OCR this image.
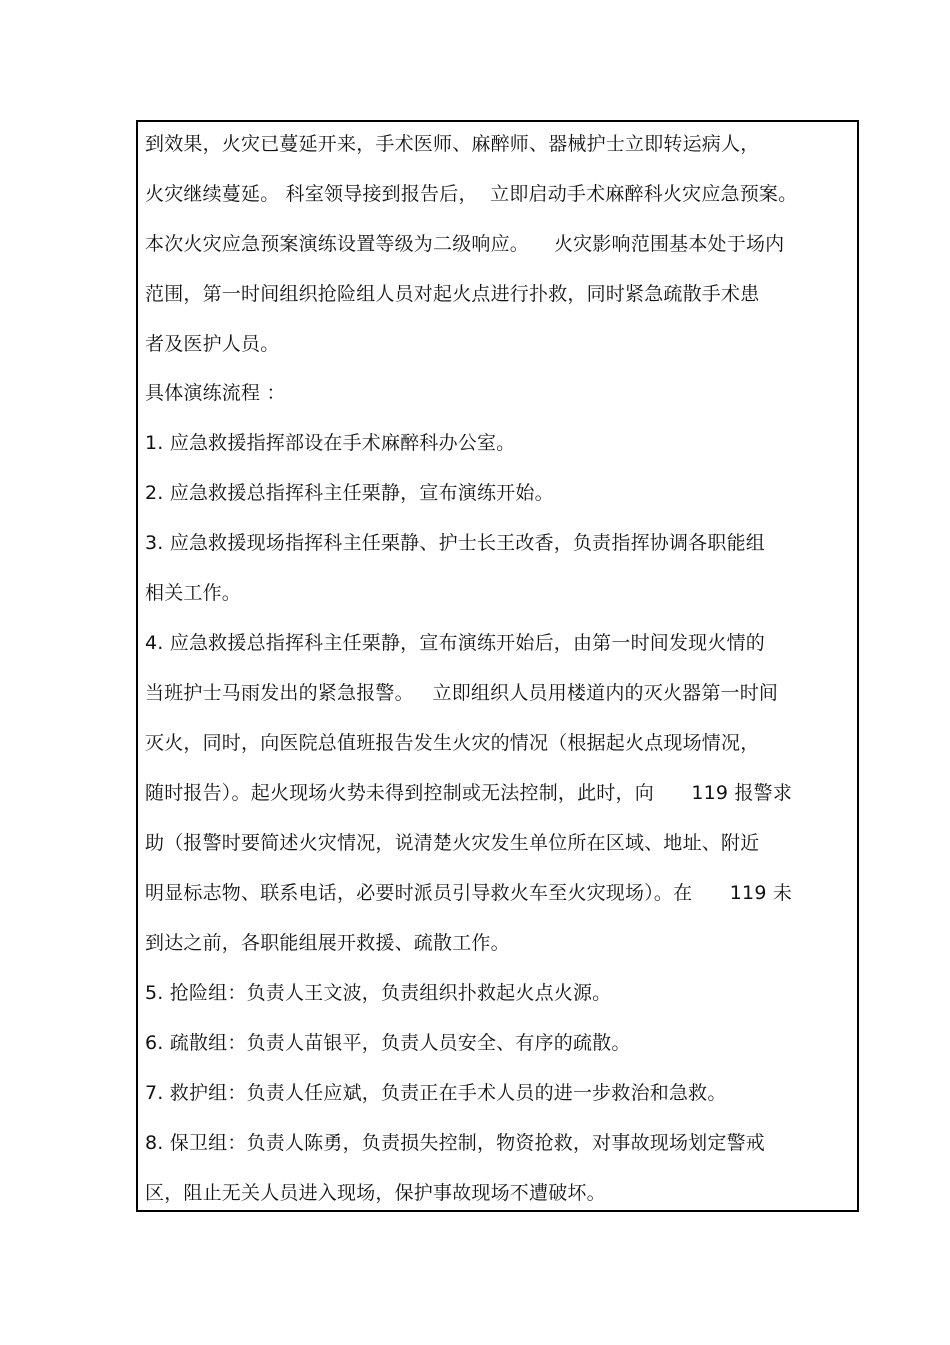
到效果，火灾已蔓延开来，手术医师、麻醉师、器械护士立即转运病人，
火灾继续蔓延。 科室领导接到报告后，  立即启动手术麻醉科火灾应急预案。
本次火灾应急预案演练设置等级为二级响应。    火灾影响范围基本处于场内
范围，第一时间组织抢险组人员对起火点进行扑救，同时紧急疏散手术患
者及医护人员。
具体演练流程 ：
1. 应急救援指挥部设在手术麻醉科办公室。
2. 应急救援总指挥科主任栗静，宣布演练开始。
3. 应急救援现场指挥科主任栗静、护士长王改香，负责指挥协调各职能组
相关工作。
4. 应急救援总指挥科主任栗静，宣布演练开始后，由第一时间发现火情的
当班护士马雨发出的紧急报警。   立即组织人员用楼道内的灭火器第一时间
灭火，同时，向医院总值班报告发生火灾的情况（根据起火点现场情况，
随时报告）。起火现场火势未得到控制或无法控制，此时，向      119 报警求
助（报警时要简述火灾情况，说清楚火灾发生单位所在区域、地址、附近
明显标志物、联系电话，必要时派员引导救火车至火灾现场）。在      119 未
到达之前，各职能组展开救援、疏散工作。
5. 抢险组：负责人王文波，负责组织扑救起火点火源。
6. 疏散组：负责人苗银平，负责人员安全、有序的疏散。
7. 救护组：负责人任应斌，负责正在手术人员的进一步救治和急救。
8. 保卫组：负责人陈勇，负责损失控制，物资抢救，对事故现场划定警戒
区，阻止无关人员进入现场，保护事故现场不遭破坏。
